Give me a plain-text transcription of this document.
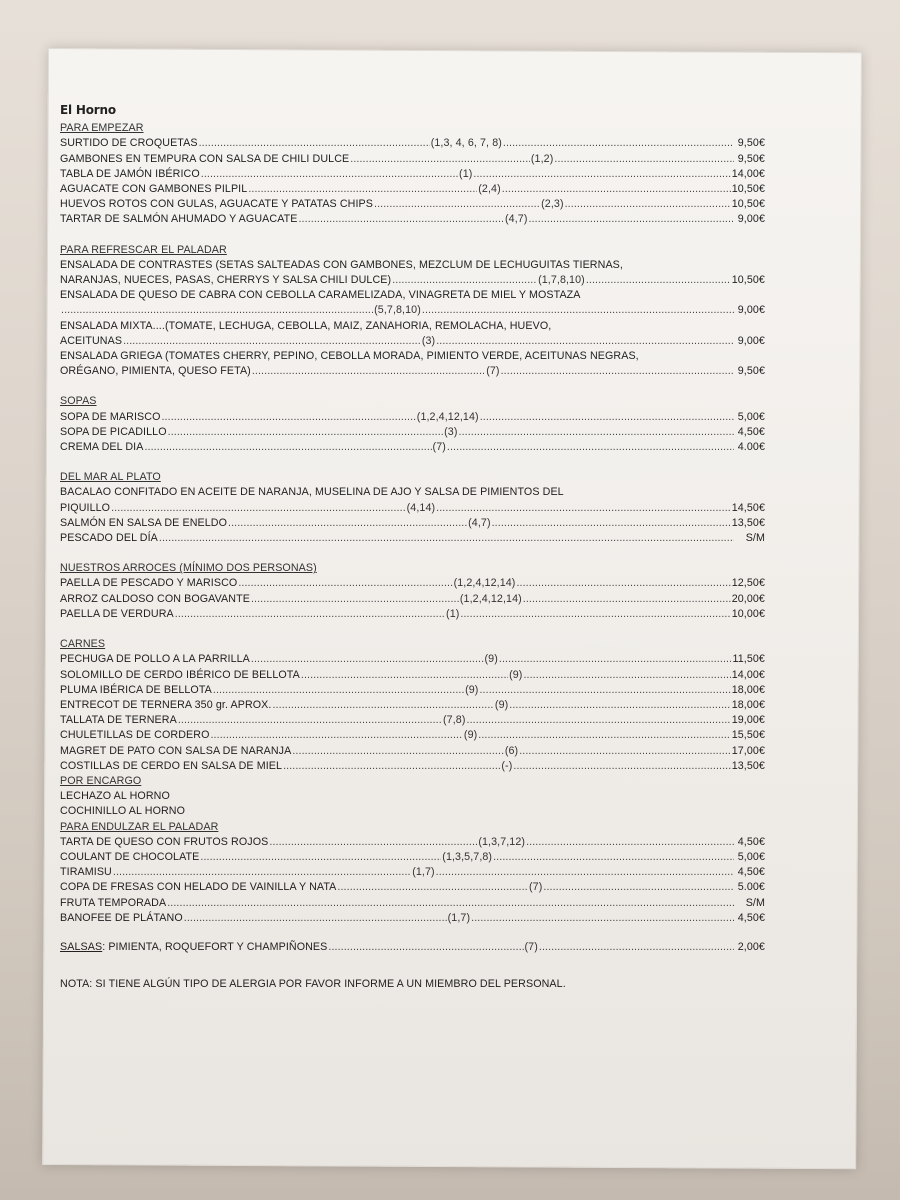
El Horno
PARA EMPEZAR
SURTIDO DE CROQUETAS .....	(1,3, 4, 6, 7, 8) .....	9,50€
GAMBONES EN TEMPURA CON SALSA DE CHILI DULCE .....	(1,2) .....	9,50€
TABLA DE JAMÓN IBÉRICO .....	(1) .....	14,00€
AGUACATE CON GAMBONES PILPIL .....	(2,4) .....	10,50€
HUEVOS ROTOS CON GULAS, AGUACATE Y PATATAS CHIPS .....	(2,3) .....	10,50€
TARTAR DE SALMÓN AHUMADO Y AGUACATE .....	(4,7) .....	9,00€
PARA REFRESCAR EL PALADAR
ENSALADA DE CONTRASTES (SETAS SALTEADAS CON GAMBONES, MEZCLUM DE LECHUGUITAS TIERNAS,
NARANJAS, NUECES, PASAS, CHERRYS Y SALSA CHILI DULCE) .....	(1,7,8,10) .....	10,50€
ENSALADA DE QUESO DE CABRA CON CEBOLLA CARAMELIZADA, VINAGRETA DE MIEL Y MOSTAZA
.....
(5,7,8,10) .....	9,00€
ENSALADA MIXTA....(TOMATE, LECHUGA, CEBOLLA, MAIZ, ZANAHORIA, REMOLACHA, HUEVO,
ACEITUNAS .....	(3) .....	9,00€
ENSALADA GRIEGA (TOMATES CHERRY, PEPINO, CEBOLLA MORADA, PIMIENTO VERDE, ACEITUNAS NEGRAS,
ORÉGANO, PIMIENTA, QUESO FETA) .....	(7) .....	9,50€
SOPAS
SOPA DE MARISCO .....	(1,2,4,12,14) .....	5,00€
SOPA DE PICADILLO .....	(3) .....	4,50€
CREMA DEL DIA .....	(7) .....	4.00€
DEL MAR AL PLATO
BACALAO CONFITADO EN ACEITE DE NARANJA, MUSELINA DE AJO Y SALSA DE PIMIENTOS DEL
PIQUILLO .....	(4,14) .....	14,50€
SALMÓN EN SALSA DE ENELDO .....	(4,7) .....	13,50€
PESCADO DEL DÍA .....	S/M
NUESTROS ARROCES (MÍNIMO DOS PERSONAS)
PAELLA DE PESCADO Y MARISCO .....	(1,2,4,12,14) .....	12,50€
ARROZ CALDOSO CON BOGAVANTE .....	(1,2,4,12,14) .....	20,00€
PAELLA DE VERDURA .....	(1) .....	10,00€
CARNES
PECHUGA DE POLLO A LA PARRILLA .....	(9) .....	11,50€
SOLOMILLO DE CERDO IBÉRICO DE BELLOTA .....	(9) .....	14,00€
PLUMA IBÉRICA DE BELLOTA .....	(9) .....	18,00€
ENTRECOT DE TERNERA 350 gr. APROX. .....	(9) .....	18,00€
TALLATA DE TERNERA .....	(7,8) .....	19,00€
CHULETILLAS DE CORDERO .....	(9) .....	15,50€
MAGRET DE PATO CON SALSA DE NARANJA .....	(6) .....	17,00€
COSTILLAS DE CERDO EN SALSA DE MIEL .....	(-) .....	13,50€
POR ENCARGO
LECHAZO AL HORNO
COCHINILLO AL HORNO
PARA ENDULZAR EL PALADAR
TARTA DE QUESO CON FRUTOS ROJOS .....	(1,3,7,12) .....	4,50€
COULANT DE CHOCOLATE .....	(1,3,5,7,8) .....	5,00€
TIRAMISU .....	(1,7) .....	4,50€
COPA DE FRESAS CON HELADO DE VAINILLA Y NATA .....	(7) .....	5.00€
FRUTA TEMPORADA .....	S/M
BANOFEE DE PLÁTANO .....	(1,7) .....	4,50€
SALSAS: PIMIENTA, ROQUEFORT Y CHAMPIÑONES .....	(7) .....	2,00€
NOTA: SI TIENE ALGÚN TIPO DE ALERGIA POR FAVOR INFORME A UN MIEMBRO DEL PERSONAL.
